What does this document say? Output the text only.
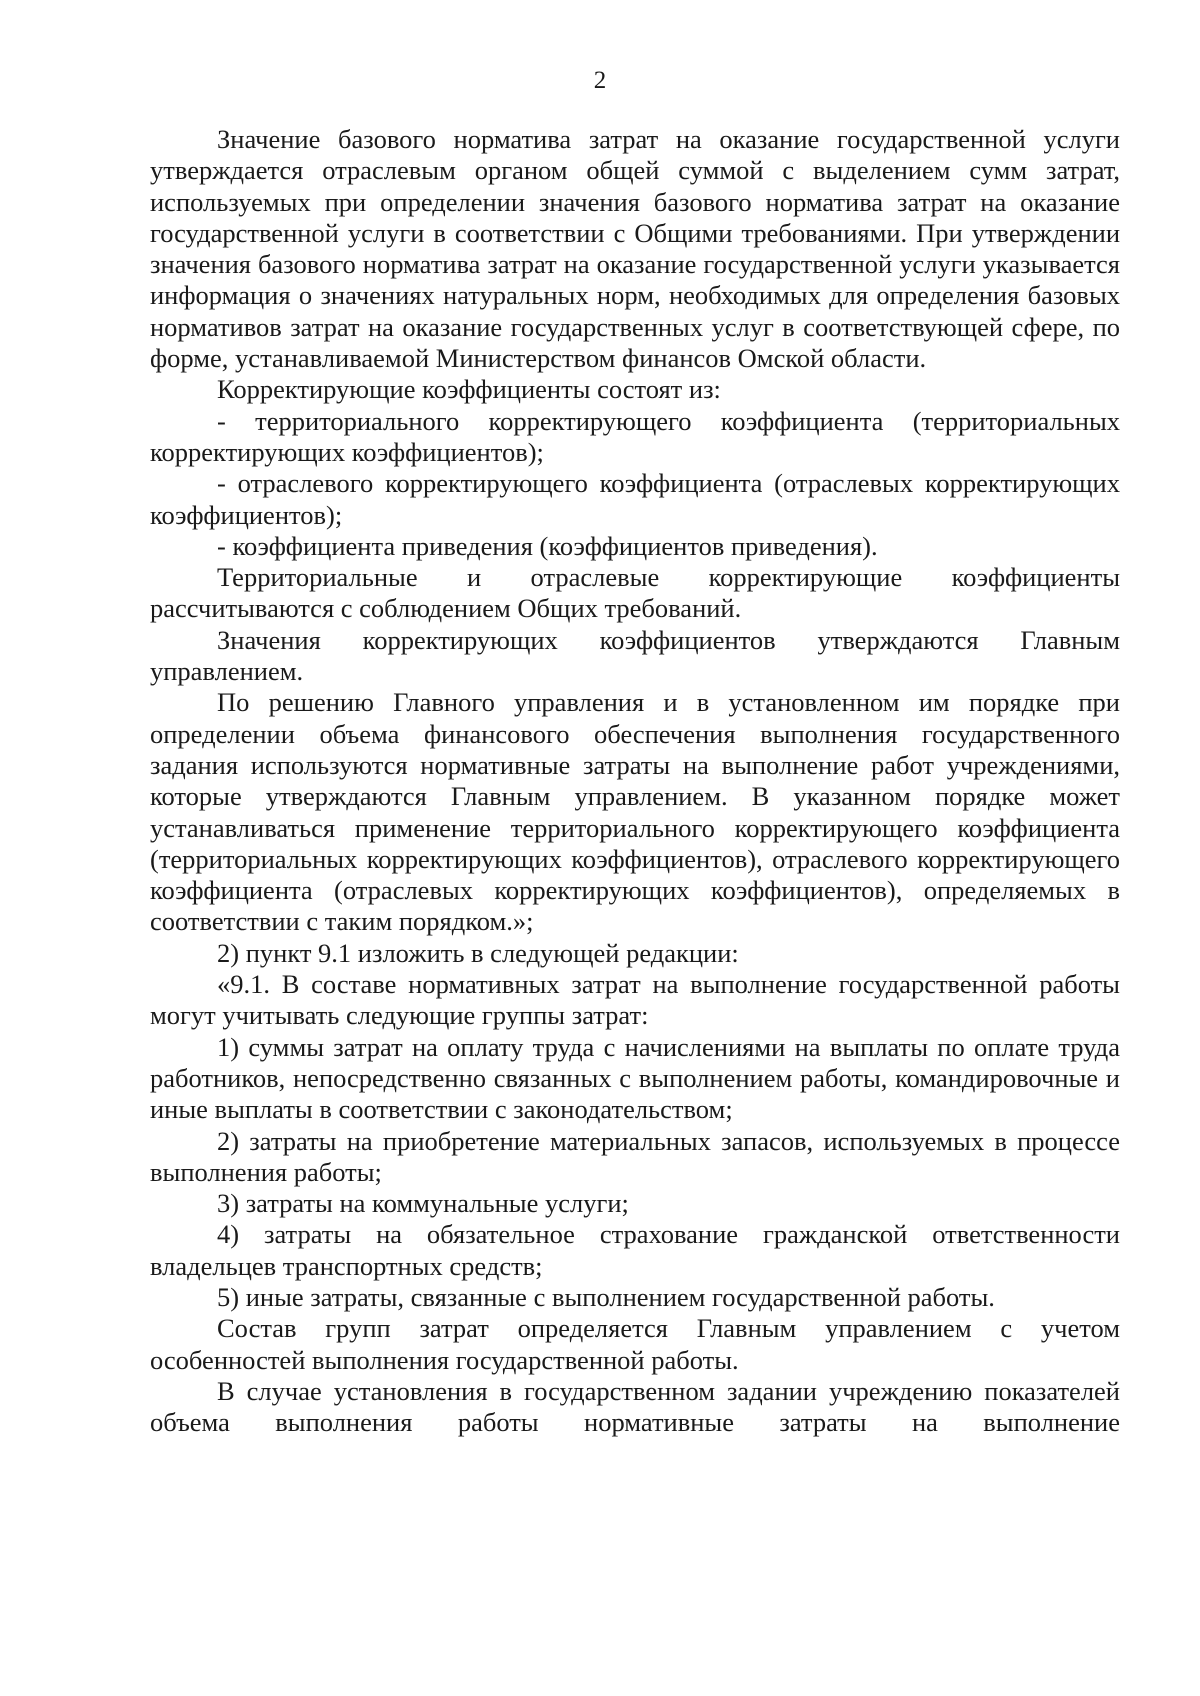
2

Значение базового норматива затрат на оказание государственной услуги утверждается отраслевым органом общей суммой с выделением сумм затрат, используемых при определении значения базового норматива затрат на оказание государственной услуги в соответствии с Общими требованиями. При утверждении значения базового норматива затрат на оказание государственной услуги указывается информация о значениях натуральных норм, необходимых для определения базовых нормативов затрат на оказание государственных услуг в соответствующей сфере, по форме, устанавливаемой Министерством финансов Омской области.

Корректирующие коэффициенты состоят из:

- территориального корректирующего коэффициента (территориальных корректирующих коэффициентов);

- отраслевого корректирующего коэффициента (отраслевых корректирующих коэффициентов);

- коэффициента приведения (коэффициентов приведения).

Территориальные и отраслевые корректирующие коэффициенты рассчитываются с соблюдением Общих требований.

Значения корректирующих коэффициентов утверждаются Главным управлением.

По решению Главного управления и в установленном им порядке при определении объема финансового обеспечения выполнения государственного задания используются нормативные затраты на выполнение работ учреждениями, которые утверждаются Главным управлением. В указанном порядке может устанавливаться применение территориального корректирующего коэффициента (территориальных корректирующих коэффициентов), отраслевого корректирующего коэффициента (отраслевых корректирующих коэффициентов), определяемых в соответствии с таким порядком.»;

2) пункт 9.1 изложить в следующей редакции:

«9.1. В составе нормативных затрат на выполнение государственной работы могут учитывать следующие группы затрат:

1) суммы затрат на оплату труда с начислениями на выплаты по оплате труда работников, непосредственно связанных с выполнением работы, командировочные и иные выплаты в соответствии с законодательством;

2) затраты на приобретение материальных запасов, используемых в процессе выполнения работы;

3) затраты на коммунальные услуги;

4) затраты на обязательное страхование гражданской ответственности владельцев транспортных средств;

5) иные затраты, связанные с выполнением государственной работы.

Состав групп затрат определяется Главным управлением с учетом особенностей выполнения государственной работы.

В случае установления в государственном задании учреждению показателей объема выполнения работы нормативные затраты на выполнение
